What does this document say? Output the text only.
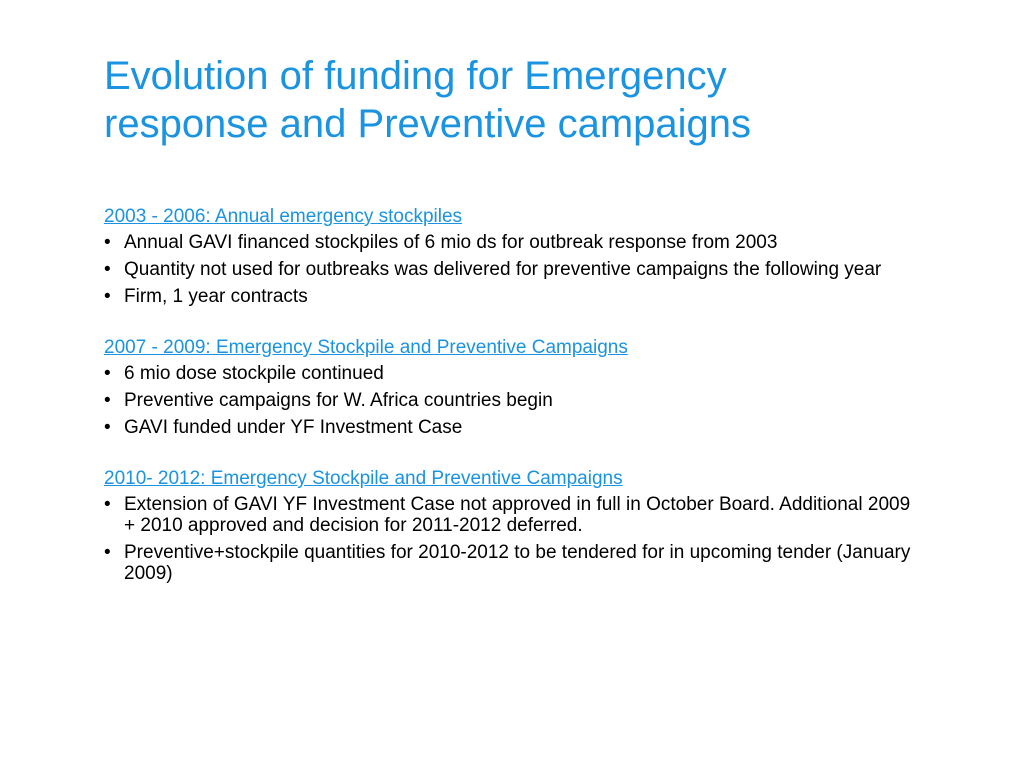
Evolution of funding for Emergency
response and Preventive campaigns
2003 - 2006: Annual emergency stockpiles
• Annual GAVI financed stockpiles of 6 mio ds for outbreak response from 2003
• Quantity not used for outbreaks was delivered for preventive campaigns the following year
• Firm, 1 year contracts
2007 - 2009: Emergency Stockpile and Preventive Campaigns
• 6 mio dose stockpile continued
• Preventive campaigns for W. Africa countries begin
• GAVI funded under YF Investment Case
2010- 2012: Emergency Stockpile and Preventive Campaigns
• Extension of GAVI YF Investment Case not approved in full in October Board. Additional 2009 + 2010 approved and decision for 2011-2012 deferred.
• Preventive+stockpile quantities for 2010-2012 to be tendered for in upcoming tender (January 2009)
